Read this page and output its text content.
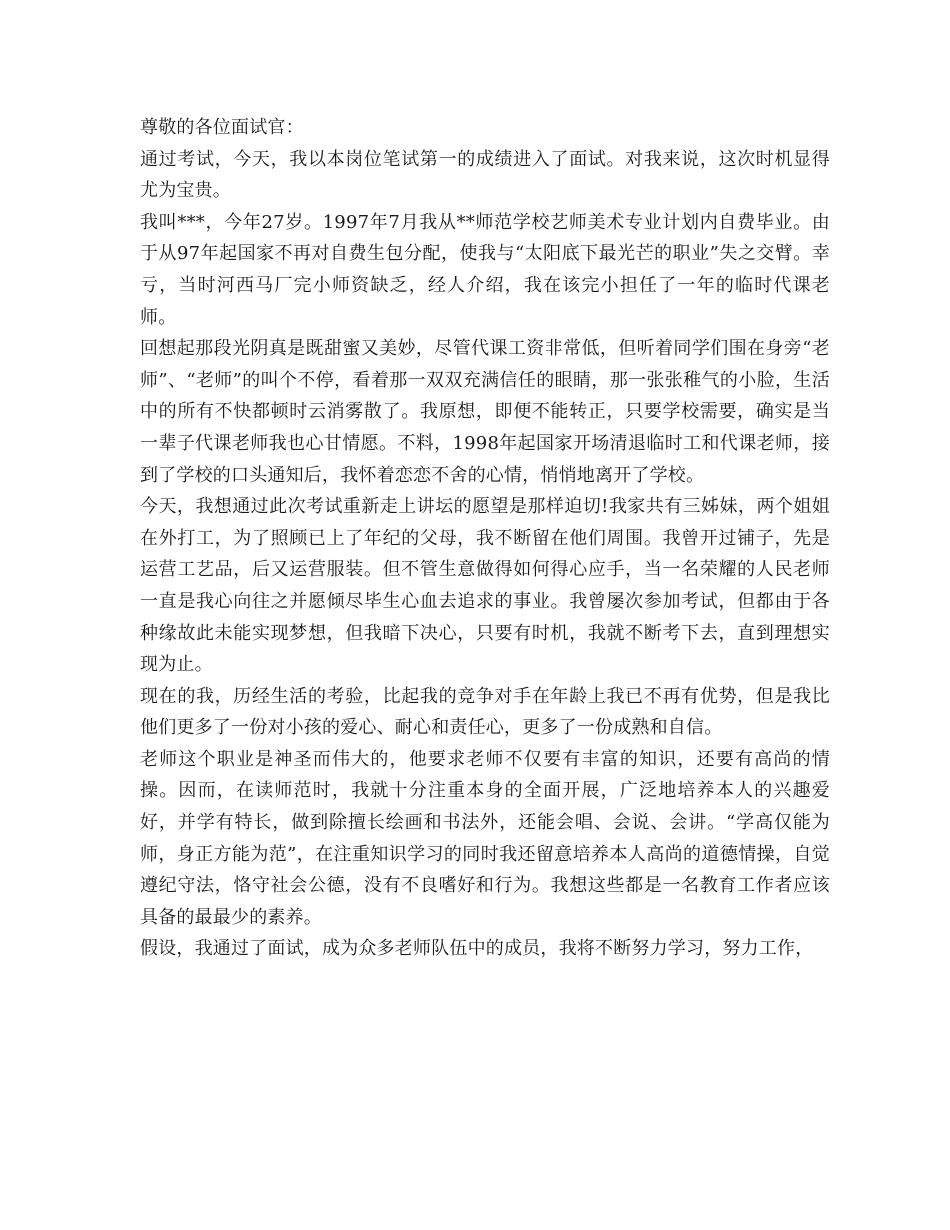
尊敬的各位面试官：

通过考试，今天，我以本岗位笔试第一的成绩进入了面试。对我来说，这次时机显得尤为宝贵。

我叫***，今年27岁。1997年7月我从**师范学校艺师美术专业计划内自费毕业。由于从97年起国家不再对自费生包分配，使我与“太阳底下最光芒的职业”失之交臂。幸亏，当时河西马厂完小师资缺乏，经人介绍，我在该完小担任了一年的临时代课老师。

回想起那段光阴真是既甜蜜又美妙，尽管代课工资非常低，但听着同学们围在身旁“老师”、“老师”的叫个不停，看着那一双双充满信任的眼睛，那一张张稚气的小脸，生活中的所有不快都顿时云消雾散了。我原想，即便不能转正，只要学校需要，确实是当一辈子代课老师我也心甘情愿。不料，1998年起国家开场清退临时工和代课老师，接到了学校的口头通知后，我怀着恋恋不舍的心情，悄悄地离开了学校。

今天，我想通过此次考试重新走上讲坛的愿望是那样迫切!我家共有三姊妹，两个姐姐在外打工，为了照顾已上了年纪的父母，我不断留在他们周围。我曾开过铺子，先是运营工艺品，后又运营服装。但不管生意做得如何得心应手，当一名荣耀的人民老师一直是我心向往之并愿倾尽毕生心血去追求的事业。我曾屡次参加考试，但都由于各种缘故此未能实现梦想，但我暗下决心，只要有时机，我就不断考下去，直到理想实现为止。

现在的我，历经生活的考验，比起我的竞争对手在年龄上我已不再有优势，但是我比他们更多了一份对小孩的爱心、耐心和责任心，更多了一份成熟和自信。

老师这个职业是神圣而伟大的，他要求老师不仅要有丰富的知识，还要有高尚的情操。因而，在读师范时，我就十分注重本身的全面开展，广泛地培养本人的兴趣爱好，并学有特长，做到除擅长绘画和书法外，还能会唱、会说、会讲。“学高仅能为师，身正方能为范”，在注重知识学习的同时我还留意培养本人高尚的道德情操，自觉遵纪守法，恪守社会公德，没有不良嗜好和行为。我想这些都是一名教育工作者应该具备的最最少的素养。

假设，我通过了面试，成为众多老师队伍中的成员，我将不断努力学习，努力工作，
